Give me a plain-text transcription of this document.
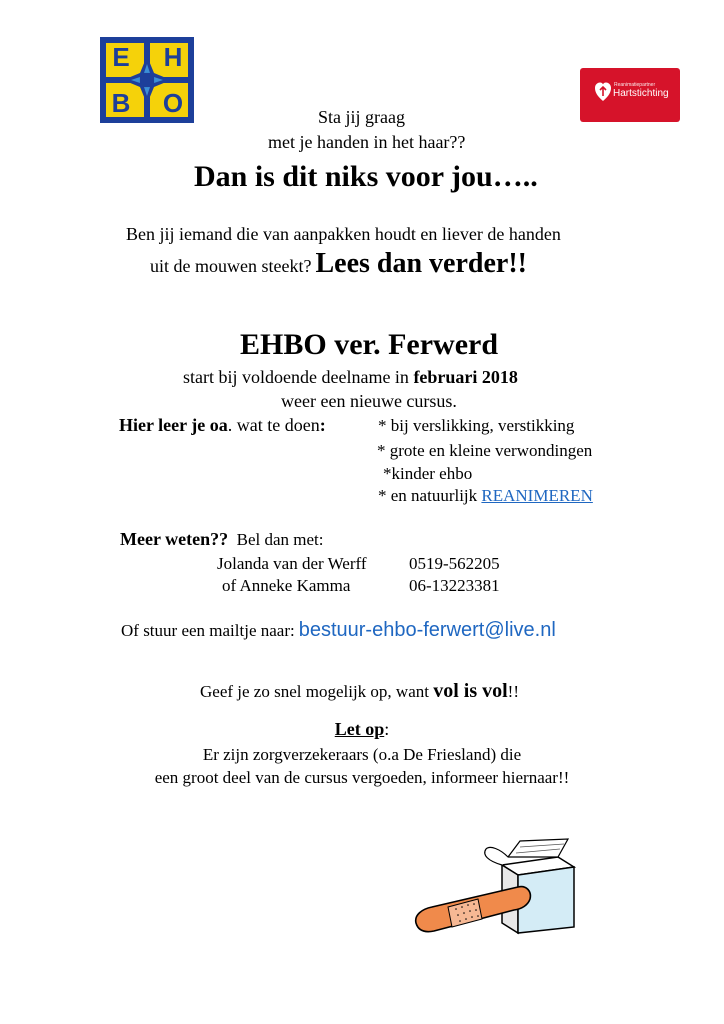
E H
B O
Reanimatiepartner
Hartstichting
Sta jij graag
met je handen in het haar??
Dan is dit niks voor jou…..
Ben jij iemand die van aanpakken houdt en liever de handen
uit de mouwen steekt? Lees dan verder!!
EHBO ver. Ferwerd
start bij voldoende deelname in februari 2018
weer een nieuwe cursus.
Hier leer je oa. wat te doen:	* bij verslikking, verstikking
* grote en kleine verwondingen
*kinder ehbo
* en natuurlijk REANIMEREN
Meer weten?? Bel dan met:
Jolanda van der Werff 0519-562205
of Anneke Kamma	06-13223381
Of stuur een mailtje naar: bestuur-ehbo-ferwert@live.nl
Geef je zo snel mogelijk op, want vol is vol!!
Let op:
Er zijn zorgverzekeraars (o.a De Friesland) die
een groot deel van de cursus vergoeden, informeer hiernaar!!
